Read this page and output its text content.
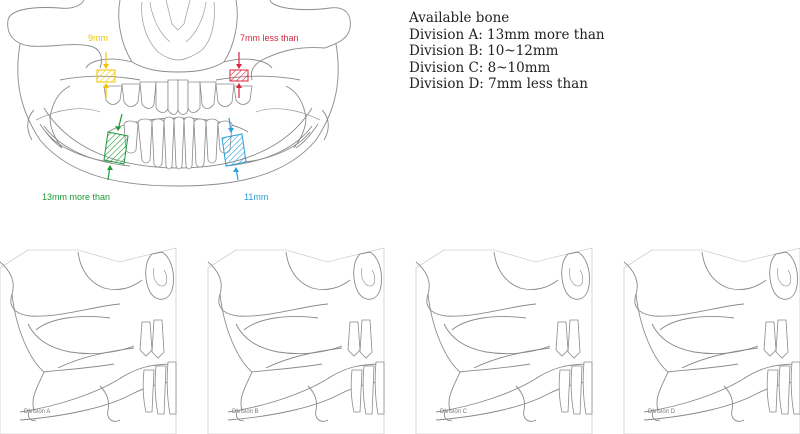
9mm	7mm less than
13mm more than	11mm
Division A	Division B	Division C	Division D
Available bone
Division A: 13mm more than
Division B: 10~12mm
Division C: 8~10mm
Division D: 7mm less than
